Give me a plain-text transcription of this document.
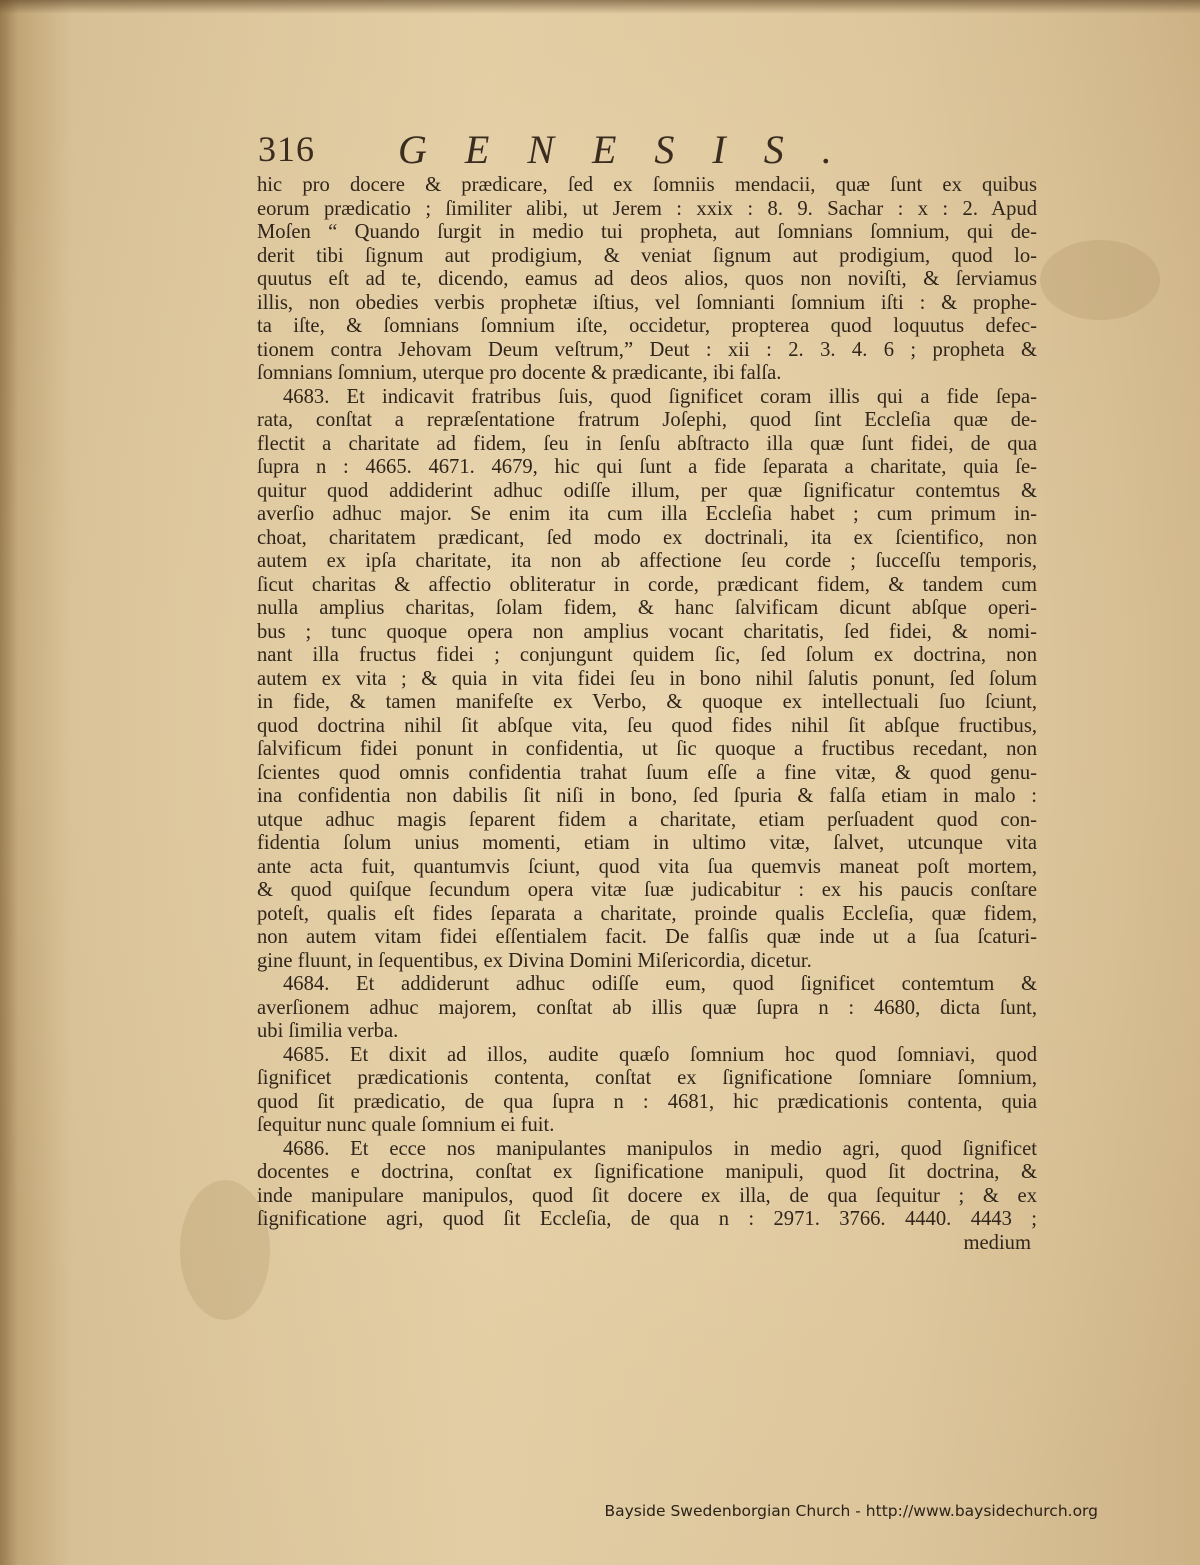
316 GENESIS.
hic pro docere & prædicare, ſed ex ſomniis mendacii, quæ ſunt ex quibus
eorum prædicatio ; ſimiliter alibi, ut Jerem : xxix : 8. 9. Sachar : x : 2. Apud
Moſen “ Quando ſurgit in medio tui propheta, aut ſomnians ſomnium, qui de-
derit tibi ſignum aut prodigium, & veniat ſignum aut prodigium, quod lo-
quutus eſt ad te, dicendo, eamus ad deos alios, quos non noviſti, & ſerviamus
illis, non obedies verbis prophetæ iſtius, vel ſomnianti ſomnium iſti : & prophe-
ta iſte, & ſomnians ſomnium iſte, occidetur, propterea quod loquutus defec-
tionem contra Jehovam Deum veſtrum,” Deut : xii : 2. 3. 4. 6 ; propheta &
ſomnians ſomnium, uterque pro docente & prædicante, ibi falſa.
4683. Et indicavit fratribus ſuis, quod ſignificet coram illis qui a fide ſepa-
rata, conſtat a repræſentatione fratrum Joſephi, quod ſint Eccleſia quæ de-
flectit a charitate ad fidem, ſeu in ſenſu abſtracto illa quæ ſunt fidei, de qua
ſupra n : 4665. 4671. 4679, hic qui ſunt a fide ſeparata a charitate, quia ſe-
quitur quod addiderint adhuc odiſſe illum, per quæ ſignificatur contemtus &
averſio adhuc major. Se enim ita cum illa Eccleſia habet ; cum primum in-
choat, charitatem prædicant, ſed modo ex doctrinali, ita ex ſcientifico, non
autem ex ipſa charitate, ita non ab affectione ſeu corde ; ſucceſſu temporis,
ſicut charitas & affectio obliteratur in corde, prædicant fidem, & tandem cum
nulla amplius charitas, ſolam fidem, & hanc ſalvificam dicunt abſque operi-
bus ; tunc quoque opera non amplius vocant charitatis, ſed fidei, & nomi-
nant illa fructus fidei ; conjungunt quidem ſic, ſed ſolum ex doctrina, non
autem ex vita ; & quia in vita fidei ſeu in bono nihil ſalutis ponunt, ſed ſolum
in fide, & tamen manifeſte ex Verbo, & quoque ex intellectuali ſuo ſciunt,
quod doctrina nihil ſit abſque vita, ſeu quod fides nihil ſit abſque fructibus,
ſalvificum fidei ponunt in confidentia, ut ſic quoque a fructibus recedant, non
ſcientes quod omnis confidentia trahat ſuum eſſe a fine vitæ, & quod genu-
ina confidentia non dabilis ſit niſi in bono, ſed ſpuria & falſa etiam in malo :
utque adhuc magis ſeparent fidem a charitate, etiam perſuadent quod con-
fidentia ſolum unius momenti, etiam in ultimo vitæ, ſalvet, utcunque vita
ante acta fuit, quantumvis ſciunt, quod vita ſua quemvis maneat poſt mortem,
& quod quiſque ſecundum opera vitæ ſuæ judicabitur : ex his paucis conſtare
poteſt, qualis eſt fides ſeparata a charitate, proinde qualis Eccleſia, quæ fidem,
non autem vitam fidei eſſentialem facit. De falſis quæ inde ut a ſua ſcaturi-
gine fluunt, in ſequentibus, ex Divina Domini Miſericordia, dicetur.
4684. Et addiderunt adhuc odiſſe eum, quod ſignificet contemtum &
averſionem adhuc majorem, conſtat ab illis quæ ſupra n : 4680, dicta ſunt,
ubi ſimilia verba.
4685. Et dixit ad illos, audite quæſo ſomnium hoc quod ſomniavi, quod
ſignificet prædicationis contenta, conſtat ex ſignificatione ſomniare ſomnium,
quod ſit prædicatio, de qua ſupra n : 4681, hic prædicationis contenta, quia
ſequitur nunc quale ſomnium ei fuit.
4686. Et ecce nos manipulantes manipulos in medio agri, quod ſignificet
docentes e doctrina, conſtat ex ſignificatione manipuli, quod ſit doctrina, &
inde manipulare manipulos, quod ſit docere ex illa, de qua ſequitur ; & ex
ſignificatione agri, quod ſit Eccleſia, de qua n : 2971. 3766. 4440. 4443 ;
medium
Bayside Swedenborgian Church - http://www.baysidechurch.org
